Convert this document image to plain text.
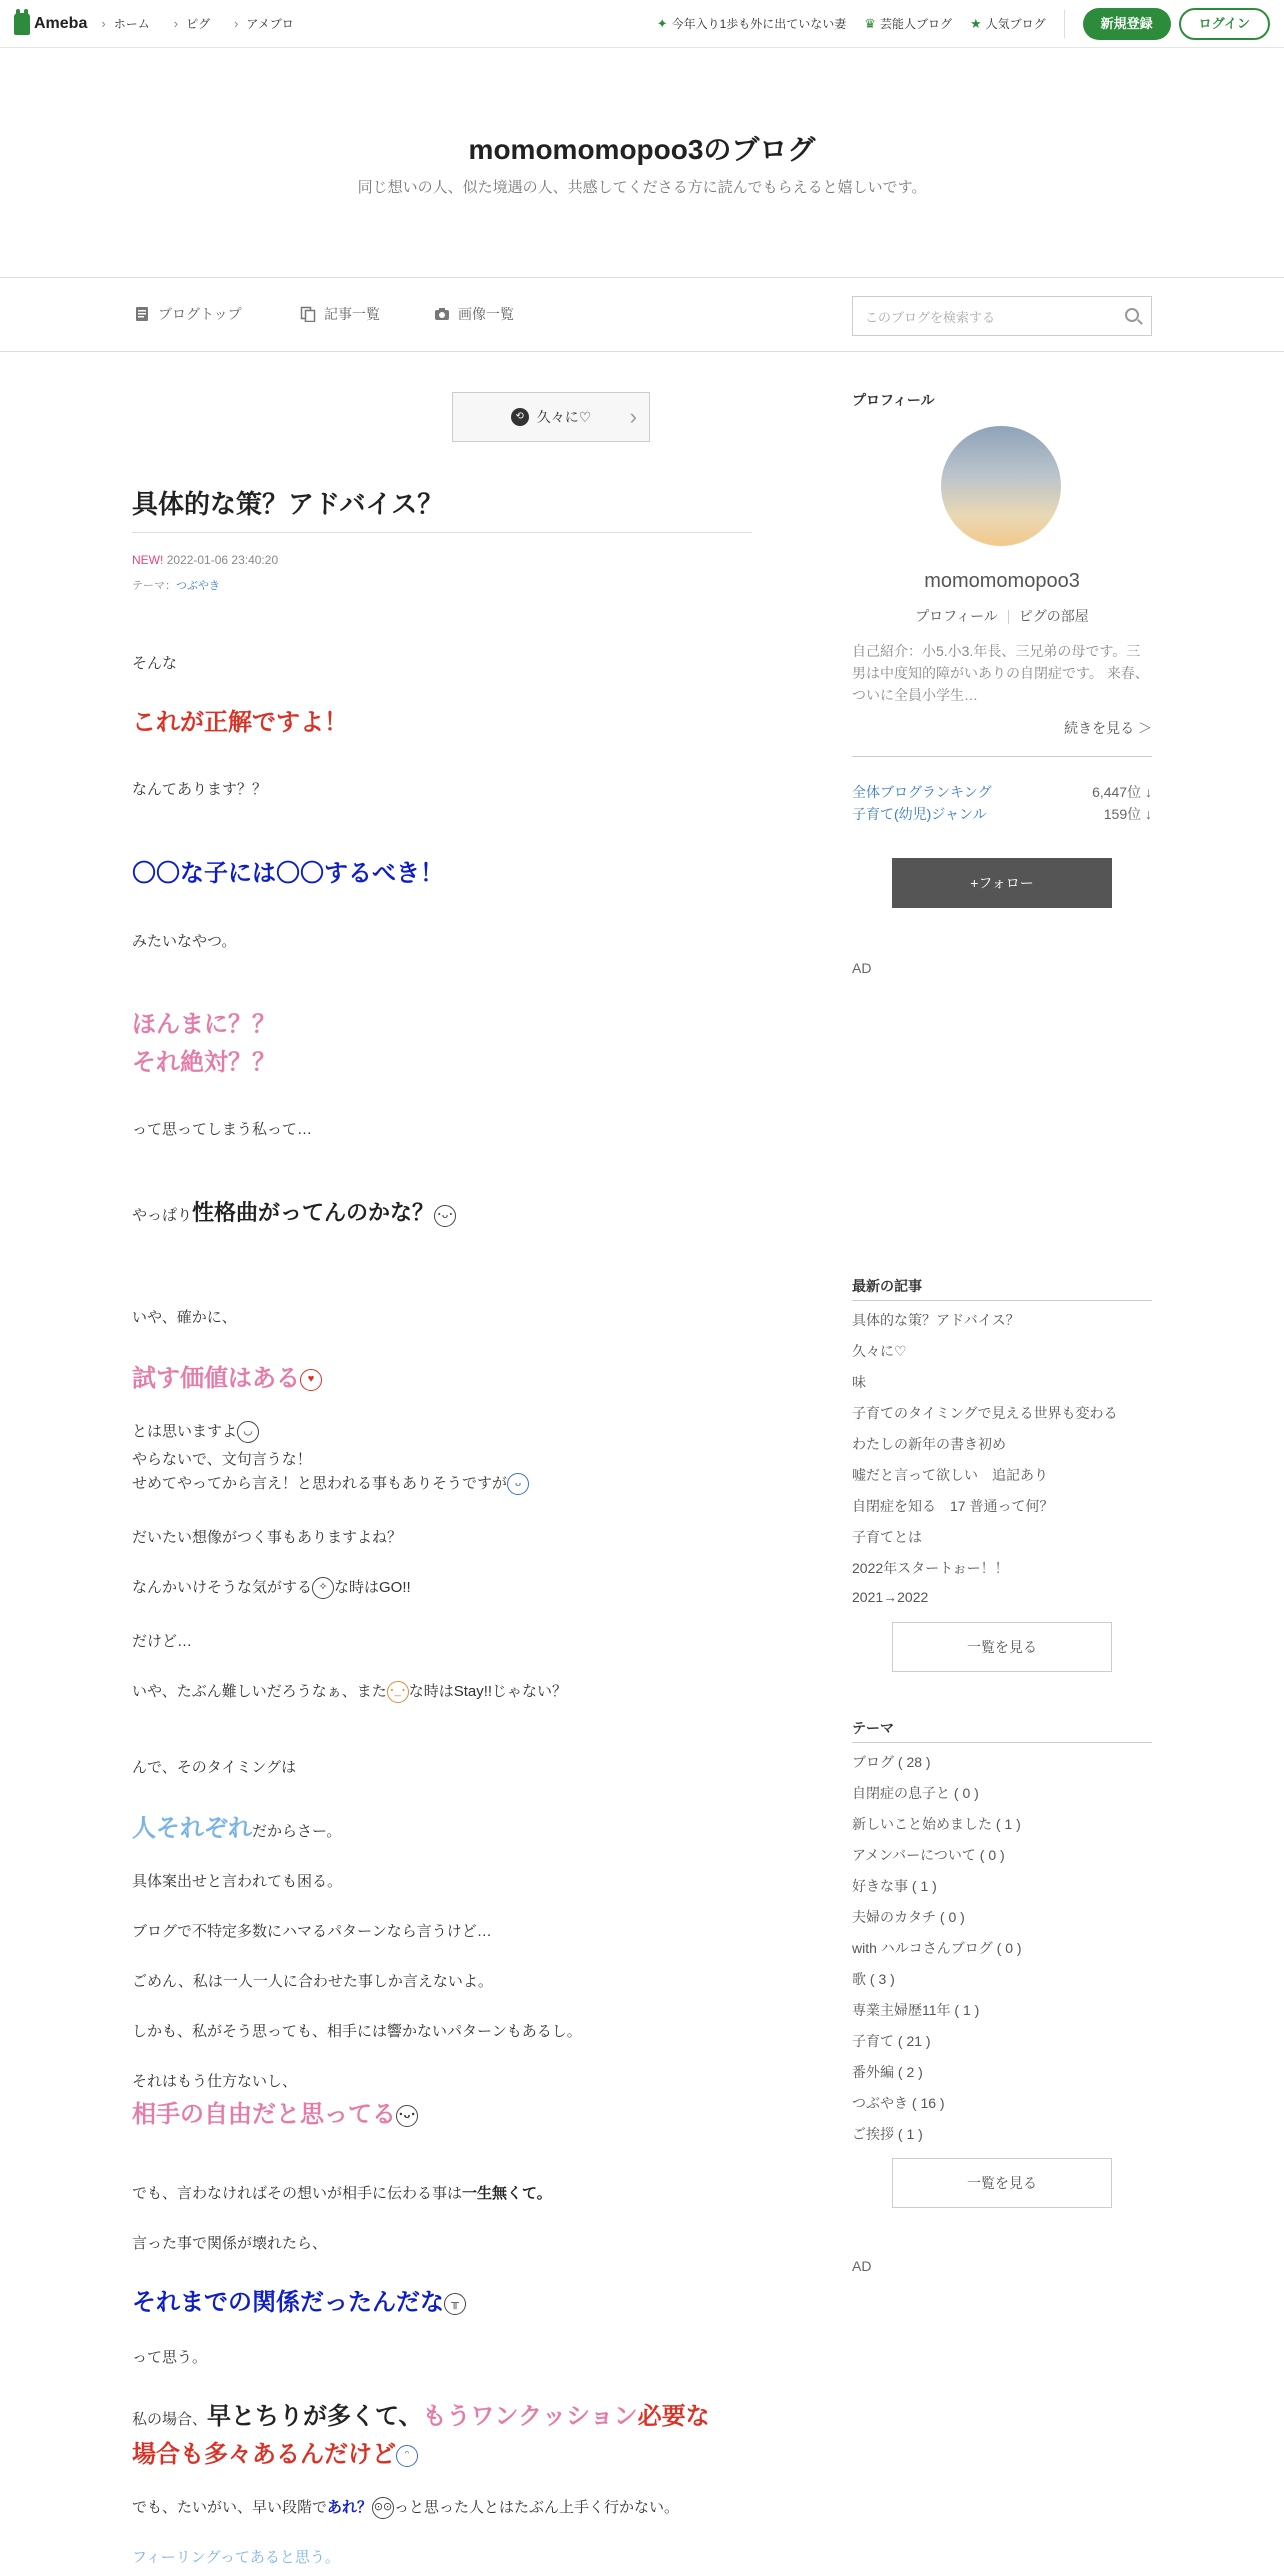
Ameba	› ホーム	› ピグ	› アメブロ	✦ 今年入り1歩も外に出ていない妻 ♛ 芸能人ブログ ★ 人気ブログ	新規登録	ログイン
momomomopoo3のブログ
同じ想いの人、似た境遇の人、共感してくださる方に読んでもらえると嬉しいです。
ブログトップ	記事一覧	画像一覧	このブログを検索する
⟲ 久々に♡ ›
具体的な策？アドバイス？
NEW! 2022-01-06 23:40:20
テーマ：つぶやき
そんな
これが正解ですよ！
なんてあります？？
〇〇な子には〇〇するべき！
みたいなやつ。
ほんまに？？
それ絶対？？
って思ってしまう私って…
やっぱり性格曲がってんのかな？ ･ᴗ･
いや、確かに、
試す価値はある ♥
とは思いますよ ◡
やらないで、文句言うな！
せめてやってから言え！と思われる事もありそうですが ᴗ
だいたい想像がつく事もありますよね？
なんかいけそうな気がする ✧ な時はGO!!
だけど…
いや、たぶん難しいだろうなぁ、また ･_･ な時はStay!!じゃない？
んで、そのタイミングは
人それぞれだからさー。
具体案出せと言われても困る。
ブログで不特定多数にハマるパターンなら言うけど…
ごめん、私は一人一人に合わせた事しか言えないよ。
しかも、私がそう思っても、相手には響かないパターンもあるし。
それはもう仕方ないし、
相手の自由だと思ってる ･ᴗ･
でも、言わなければその想いが相手に伝わる事は一生無くて。
言った事で関係が壊れたら、
それまでの関係だったんだな ╥
って思う。
私の場合、早とちりが多くて、もうワンクッション必要な
場合も多々あるんだけど ᵔ
でも、たいがい、早い段階であれ？ ⊙⊙ っと思った人とはたぶん上手く行かない。
フィーリングってあると思う。
プロフィール
momomomopoo3
プロフィール ピグの部屋
自己紹介：小5.小3.年長、三兄弟の母です。三男は中度知的障がいありの自閉症です。 来春、ついに全員小学生…
続きを見る ＞
全体ブログランキング	6,447位 ↓
子育て(幼児)ジャンル	159位 ↓
+フォロー
AD
最新の記事
具体的な策？アドバイス？
久々に♡
味
子育てのタイミングで見える世界も変わる
わたしの新年の書き初め
嘘だと言って欲しい　追記あり
自閉症を知る　17 普通って何？
子育てとは
2022年スタートぉー！！
2021→2022
一覧を見る
テーマ
ブログ ( 28 )
自閉症の息子と ( 0 )
新しいこと始めました ( 1 )
アメンバーについて ( 0 )
好きな事 ( 1 )
夫婦のカタチ ( 0 )
with ハルコさんブログ ( 0 )
歌 ( 3 )
専業主婦歴11年 ( 1 )
子育て ( 21 )
番外編 ( 2 )
つぶやき ( 16 )
ご挨拶 ( 1 )
一覧を見る
AD
